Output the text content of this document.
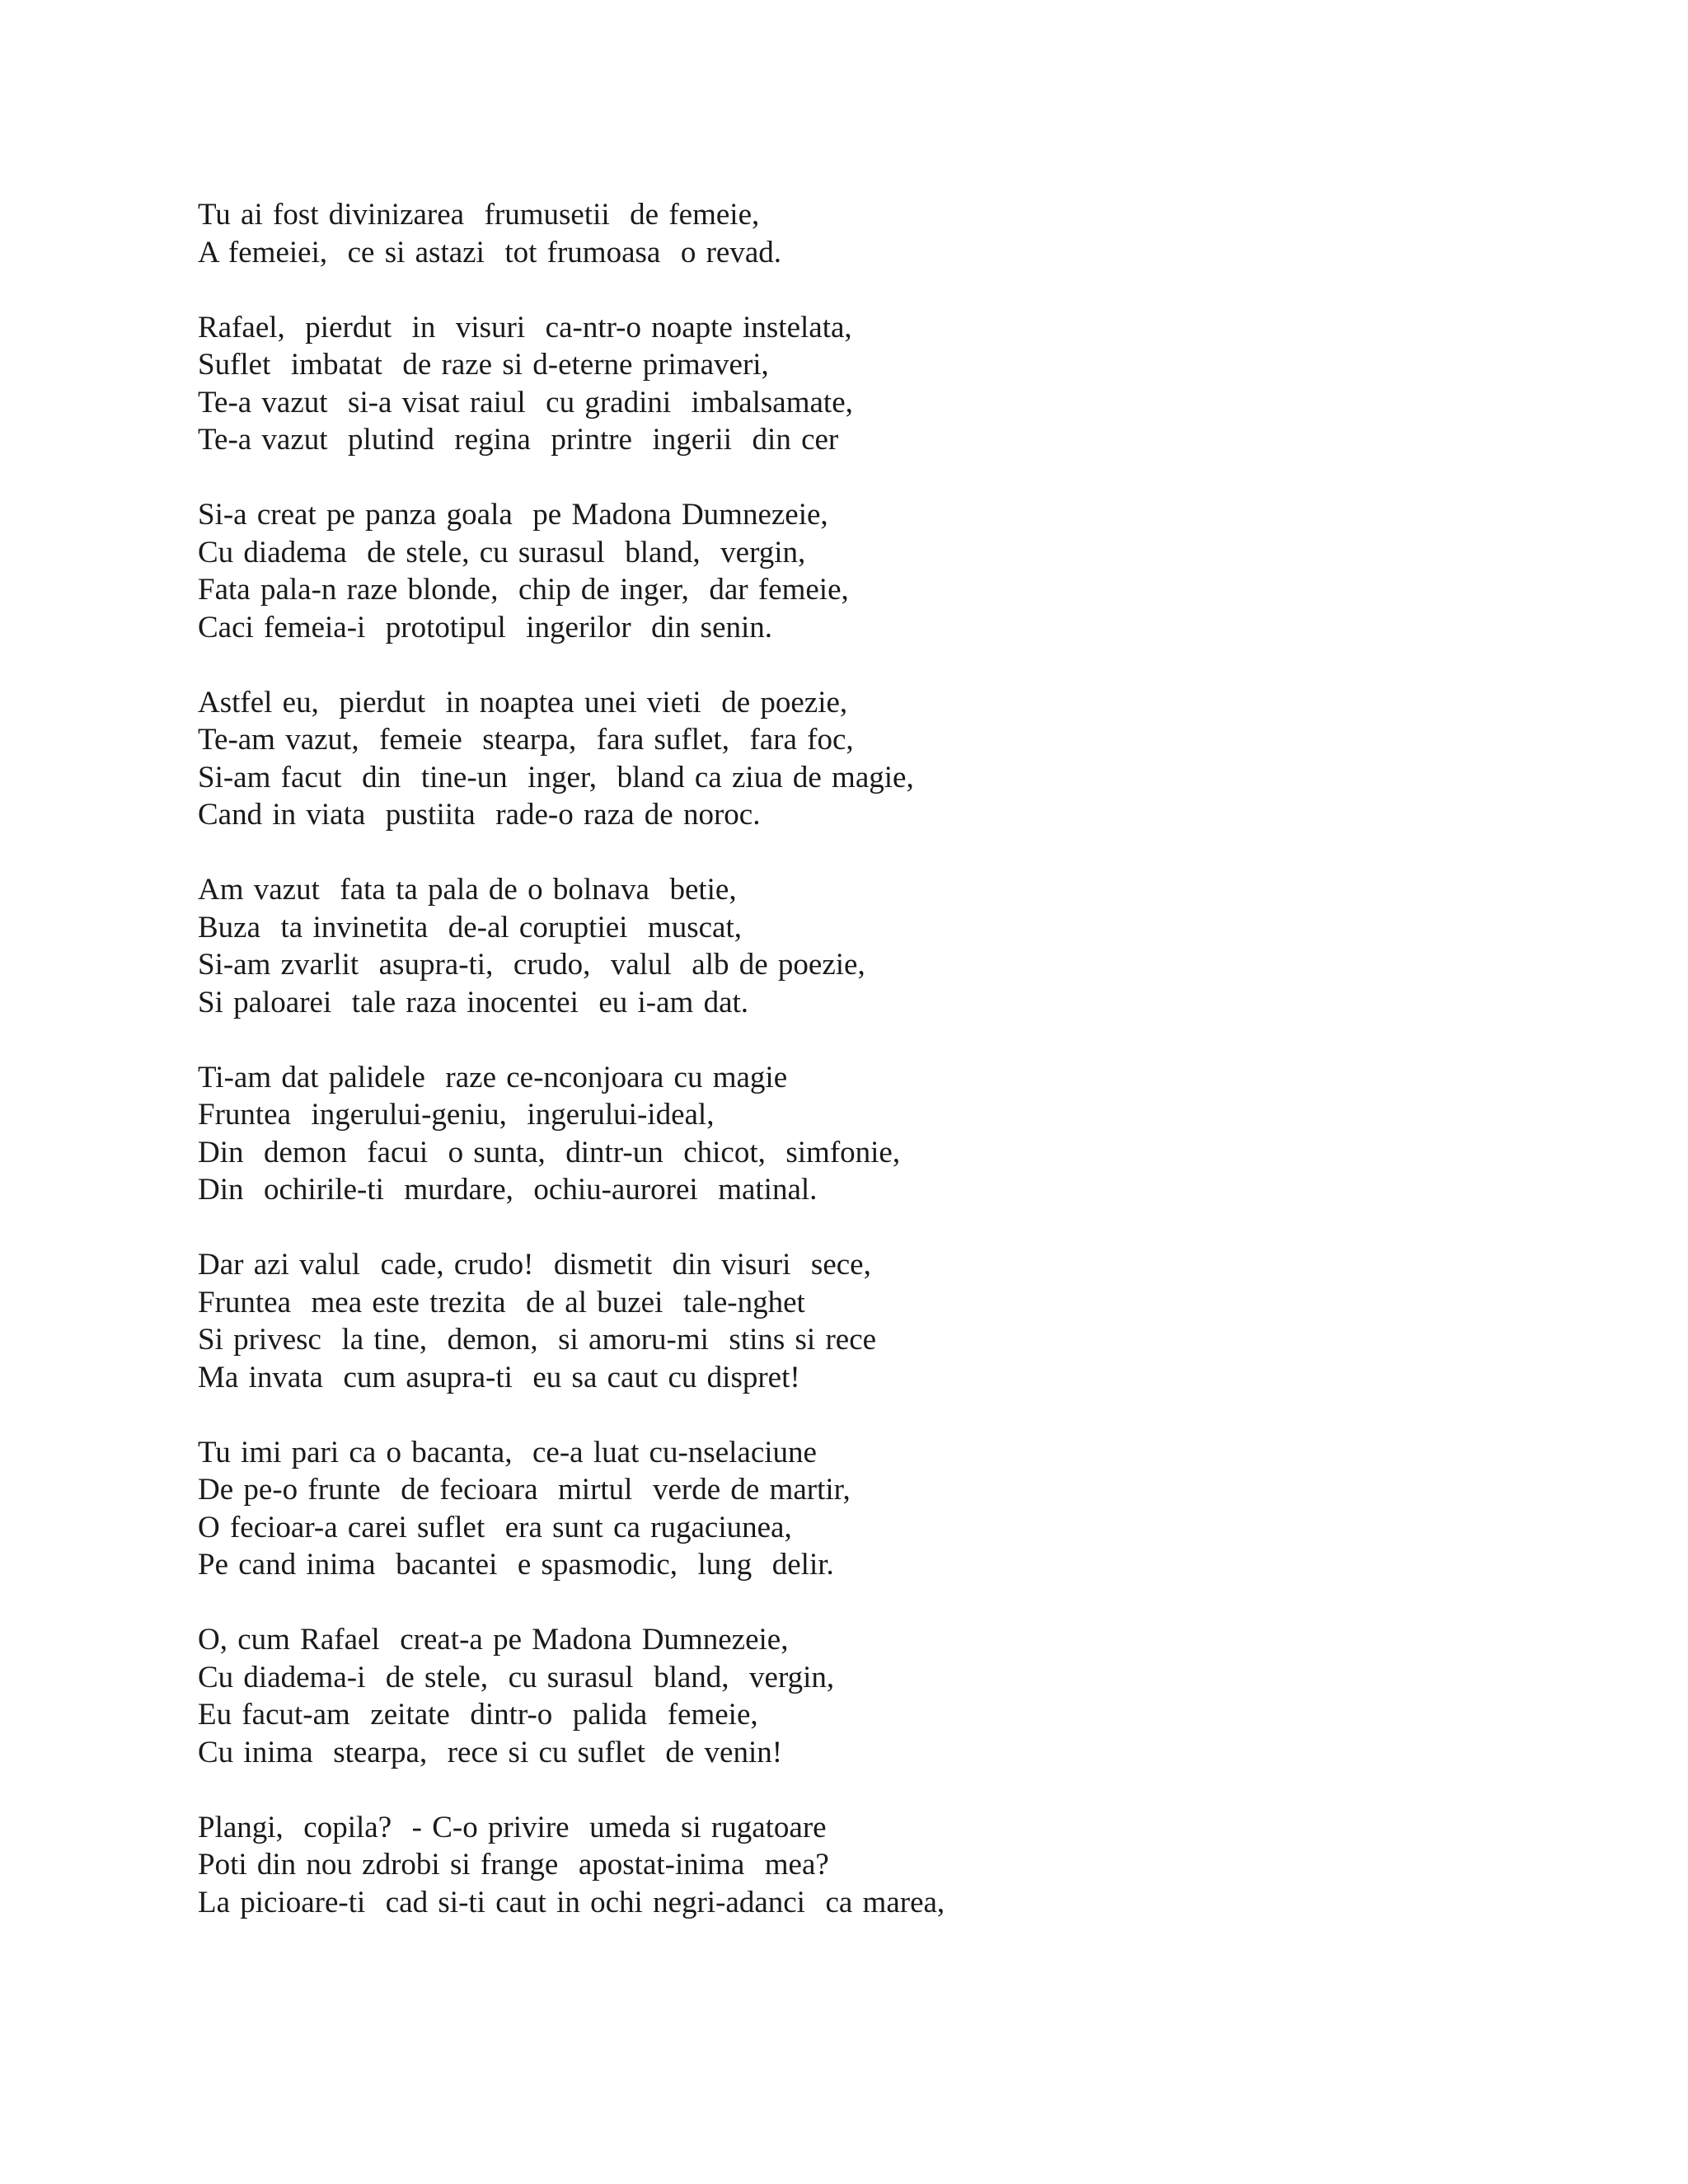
Tu ai fost divinizarea  frumusetii  de femeie,
A femeiei,  ce si astazi  tot frumoasa  o revad.
Rafael,  pierdut  in  visuri  ca-ntr-o noapte instelata,
Suflet  imbatat  de raze si d-eterne primaveri,
Te-a vazut  si-a visat raiul  cu gradini  imbalsamate,
Te-a vazut  plutind  regina  printre  ingerii  din cer
Si-a creat pe panza goala  pe Madona Dumnezeie,
Cu diadema  de stele, cu surasul  bland,  vergin,
Fata pala-n raze blonde,  chip de inger,  dar femeie,
Caci femeia-i  prototipul  ingerilor  din senin.
Astfel eu,  pierdut  in noaptea unei vieti  de poezie,
Te-am vazut,  femeie  stearpa,  fara suflet,  fara foc,
Si-am facut  din  tine-un  inger,  bland ca ziua de magie,
Cand in viata  pustiita  rade-o raza de noroc.
Am vazut  fata ta pala de o bolnava  betie,
Buza  ta invinetita  de-al coruptiei  muscat,
Si-am zvarlit  asupra-ti,  crudo,  valul  alb de poezie,
Si paloarei  tale raza inocentei  eu i-am dat.
Ti-am dat palidele  raze ce-nconjoara cu magie
Fruntea  ingerului-geniu,  ingerului-ideal,
Din  demon  facui  o sunta,  dintr-un  chicot,  simfonie,
Din  ochirile-ti  murdare,  ochiu-aurorei  matinal.
Dar azi valul  cade, crudo!  dismetit  din visuri  sece,
Fruntea  mea este trezita  de al buzei  tale-nghet
Si privesc  la tine,  demon,  si amoru-mi  stins si rece
Ma invata  cum asupra-ti  eu sa caut cu dispret!
Tu imi pari ca o bacanta,  ce-a luat cu-nselaciune
De pe-o frunte  de fecioara  mirtul  verde de martir,
O fecioar-a carei suflet  era sunt ca rugaciunea,
Pe cand inima  bacantei  e spasmodic,  lung  delir.
O, cum Rafael  creat-a pe Madona Dumnezeie,
Cu diadema-i  de stele,  cu surasul  bland,  vergin,
Eu facut-am  zeitate  dintr-o  palida  femeie,
Cu inima  stearpa,  rece si cu suflet  de venin!
Plangi,  copila?  - C-o privire  umeda si rugatoare
Poti din nou zdrobi si frange  apostat-inima  mea?
La picioare-ti  cad si-ti caut in ochi negri-adanci  ca marea,
